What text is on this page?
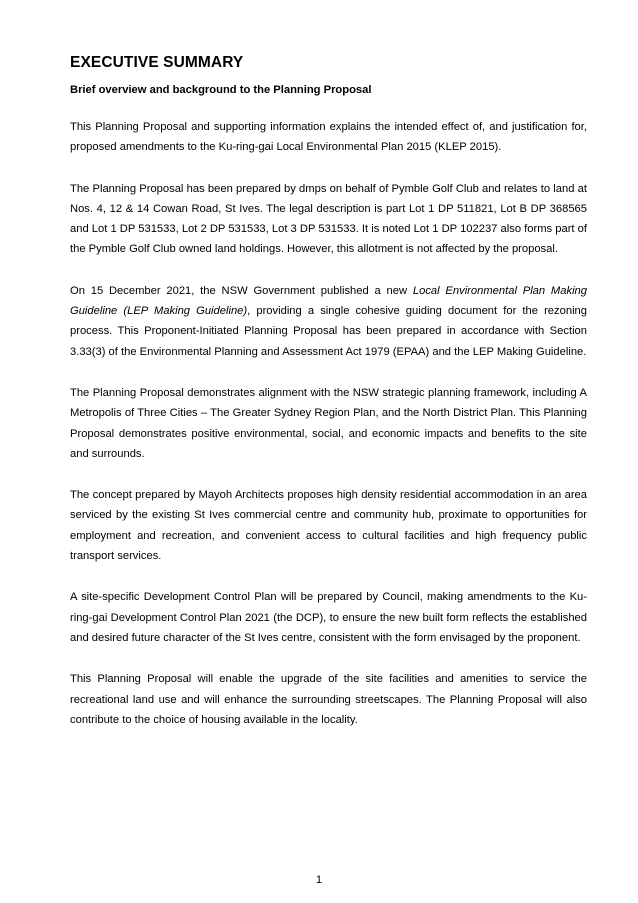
EXECUTIVE SUMMARY
Brief overview and background to the Planning Proposal

This Planning Proposal and supporting information explains the intended effect of, and justification for, proposed amendments to the Ku-ring-gai Local Environmental Plan 2015 (KLEP 2015).

The Planning Proposal has been prepared by dmps on behalf of Pymble Golf Club and relates to land at Nos. 4, 12 & 14 Cowan Road, St Ives. The legal description is part Lot 1 DP 511821, Lot B DP 368565 and Lot 1 DP 531533, Lot 2 DP 531533, Lot 3 DP 531533. It is noted Lot 1 DP 102237 also forms part of the Pymble Golf Club owned land holdings. However, this allotment is not affected by the proposal.

On 15 December 2021, the NSW Government published a new Local Environmental Plan Making Guideline (LEP Making Guideline), providing a single cohesive guiding document for the rezoning process. This Proponent-Initiated Planning Proposal has been prepared in accordance with Section 3.33(3) of the Environmental Planning and Assessment Act 1979 (EPAA) and the LEP Making Guideline.

The Planning Proposal demonstrates alignment with the NSW strategic planning framework, including A Metropolis of Three Cities – The Greater Sydney Region Plan, and the North District Plan. This Planning Proposal demonstrates positive environmental, social, and economic impacts and benefits to the site and surrounds.

The concept prepared by Mayoh Architects proposes high density residential accommodation in an area serviced by the existing St Ives commercial centre and community hub, proximate to opportunities for employment and recreation, and convenient access to cultural facilities and high frequency public transport services.

A site-specific Development Control Plan will be prepared by Council, making amendments to the Ku-ring-gai Development Control Plan 2021 (the DCP), to ensure the new built form reflects the established and desired future character of the St Ives centre, consistent with the form envisaged by the proponent.

This Planning Proposal will enable the upgrade of the site facilities and amenities to service the recreational land use and will enhance the surrounding streetscapes. The Planning Proposal will also contribute to the choice of housing available in the locality.

1
